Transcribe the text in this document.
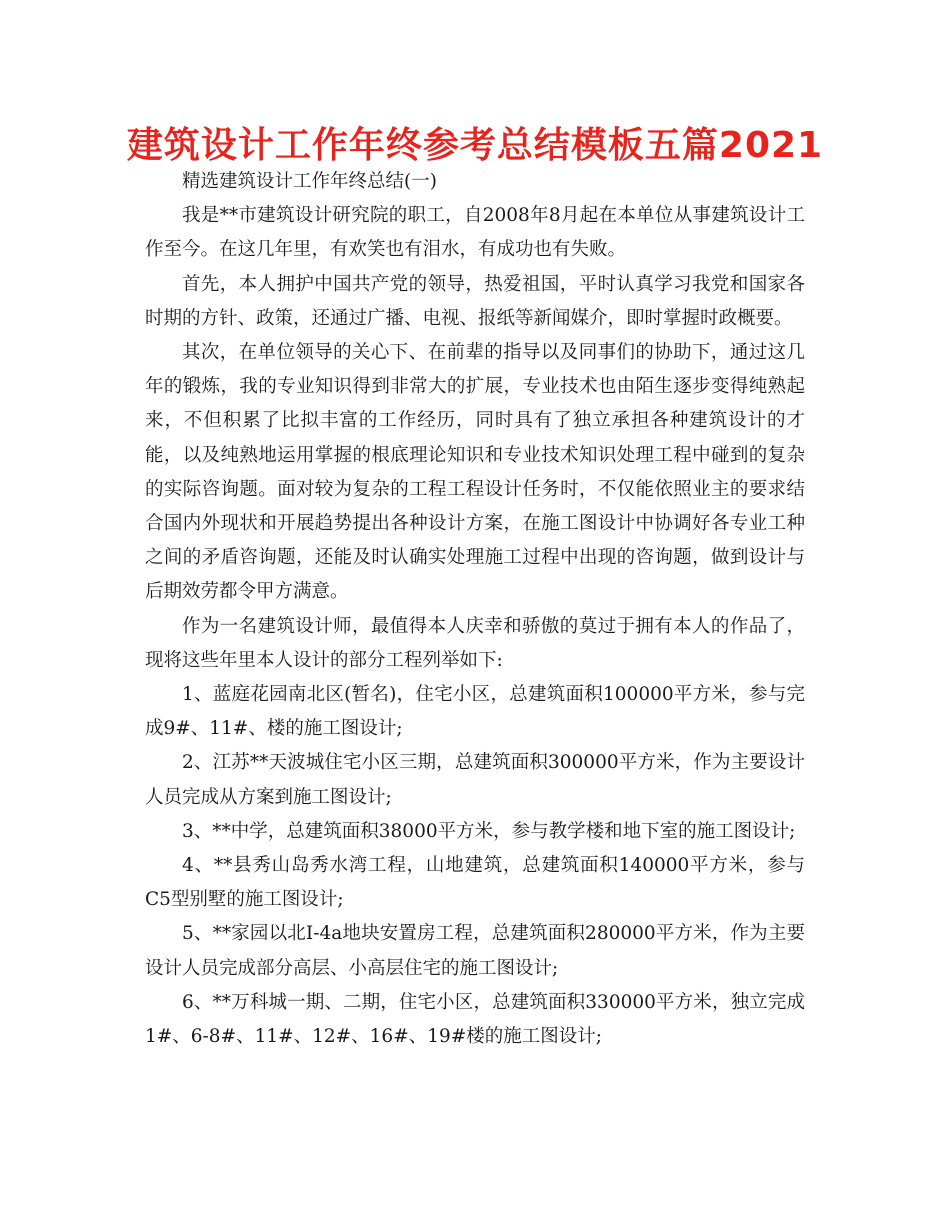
建筑设计工作年终参考总结模板五篇2021

精选建筑设计工作年终总结(一)

我是**市建筑设计研究院的职工，自2008年8月起在本单位从事建筑设计工作至今。在这几年里，有欢笑也有泪水，有成功也有失败。

首先，本人拥护中国共产党的领导，热爱祖国，平时认真学习我党和国家各时期的方针、政策，还通过广播、电视、报纸等新闻媒介，即时掌握时政概要。

其次，在单位领导的关心下、在前辈的指导以及同事们的协助下，通过这几年的锻炼，我的专业知识得到非常大的扩展，专业技术也由陌生逐步变得纯熟起来，不但积累了比拟丰富的工作经历，同时具有了独立承担各种建筑设计的才能，以及纯熟地运用掌握的根底理论知识和专业技术知识处理工程中碰到的复杂的实际咨询题。面对较为复杂的工程工程设计任务时，不仅能依照业主的要求结合国内外现状和开展趋势提出各种设计方案，在施工图设计中协调好各专业工种之间的矛盾咨询题，还能及时认确实处理施工过程中出现的咨询题，做到设计与后期效劳都令甲方满意。

作为一名建筑设计师，最值得本人庆幸和骄傲的莫过于拥有本人的作品了，现将这些年里本人设计的部分工程列举如下:

1、蓝庭花园南北区(暂名)，住宅小区，总建筑面积100000平方米，参与完成9#、11#、楼的施工图设计;

2、江苏**天波城住宅小区三期，总建筑面积300000平方米，作为主要设计人员完成从方案到施工图设计;

3、**中学，总建筑面积38000平方米，参与教学楼和地下室的施工图设计;

4、**县秀山岛秀水湾工程，山地建筑，总建筑面积140000平方米，参与C5型别墅的施工图设计;

5、**家园以北I-4a地块安置房工程，总建筑面积280000平方米，作为主要设计人员完成部分高层、小高层住宅的施工图设计;

6、**万科城一期、二期，住宅小区，总建筑面积330000平方米，独立完成1#、6-8#、11#、12#、16#、19#楼的施工图设计;
